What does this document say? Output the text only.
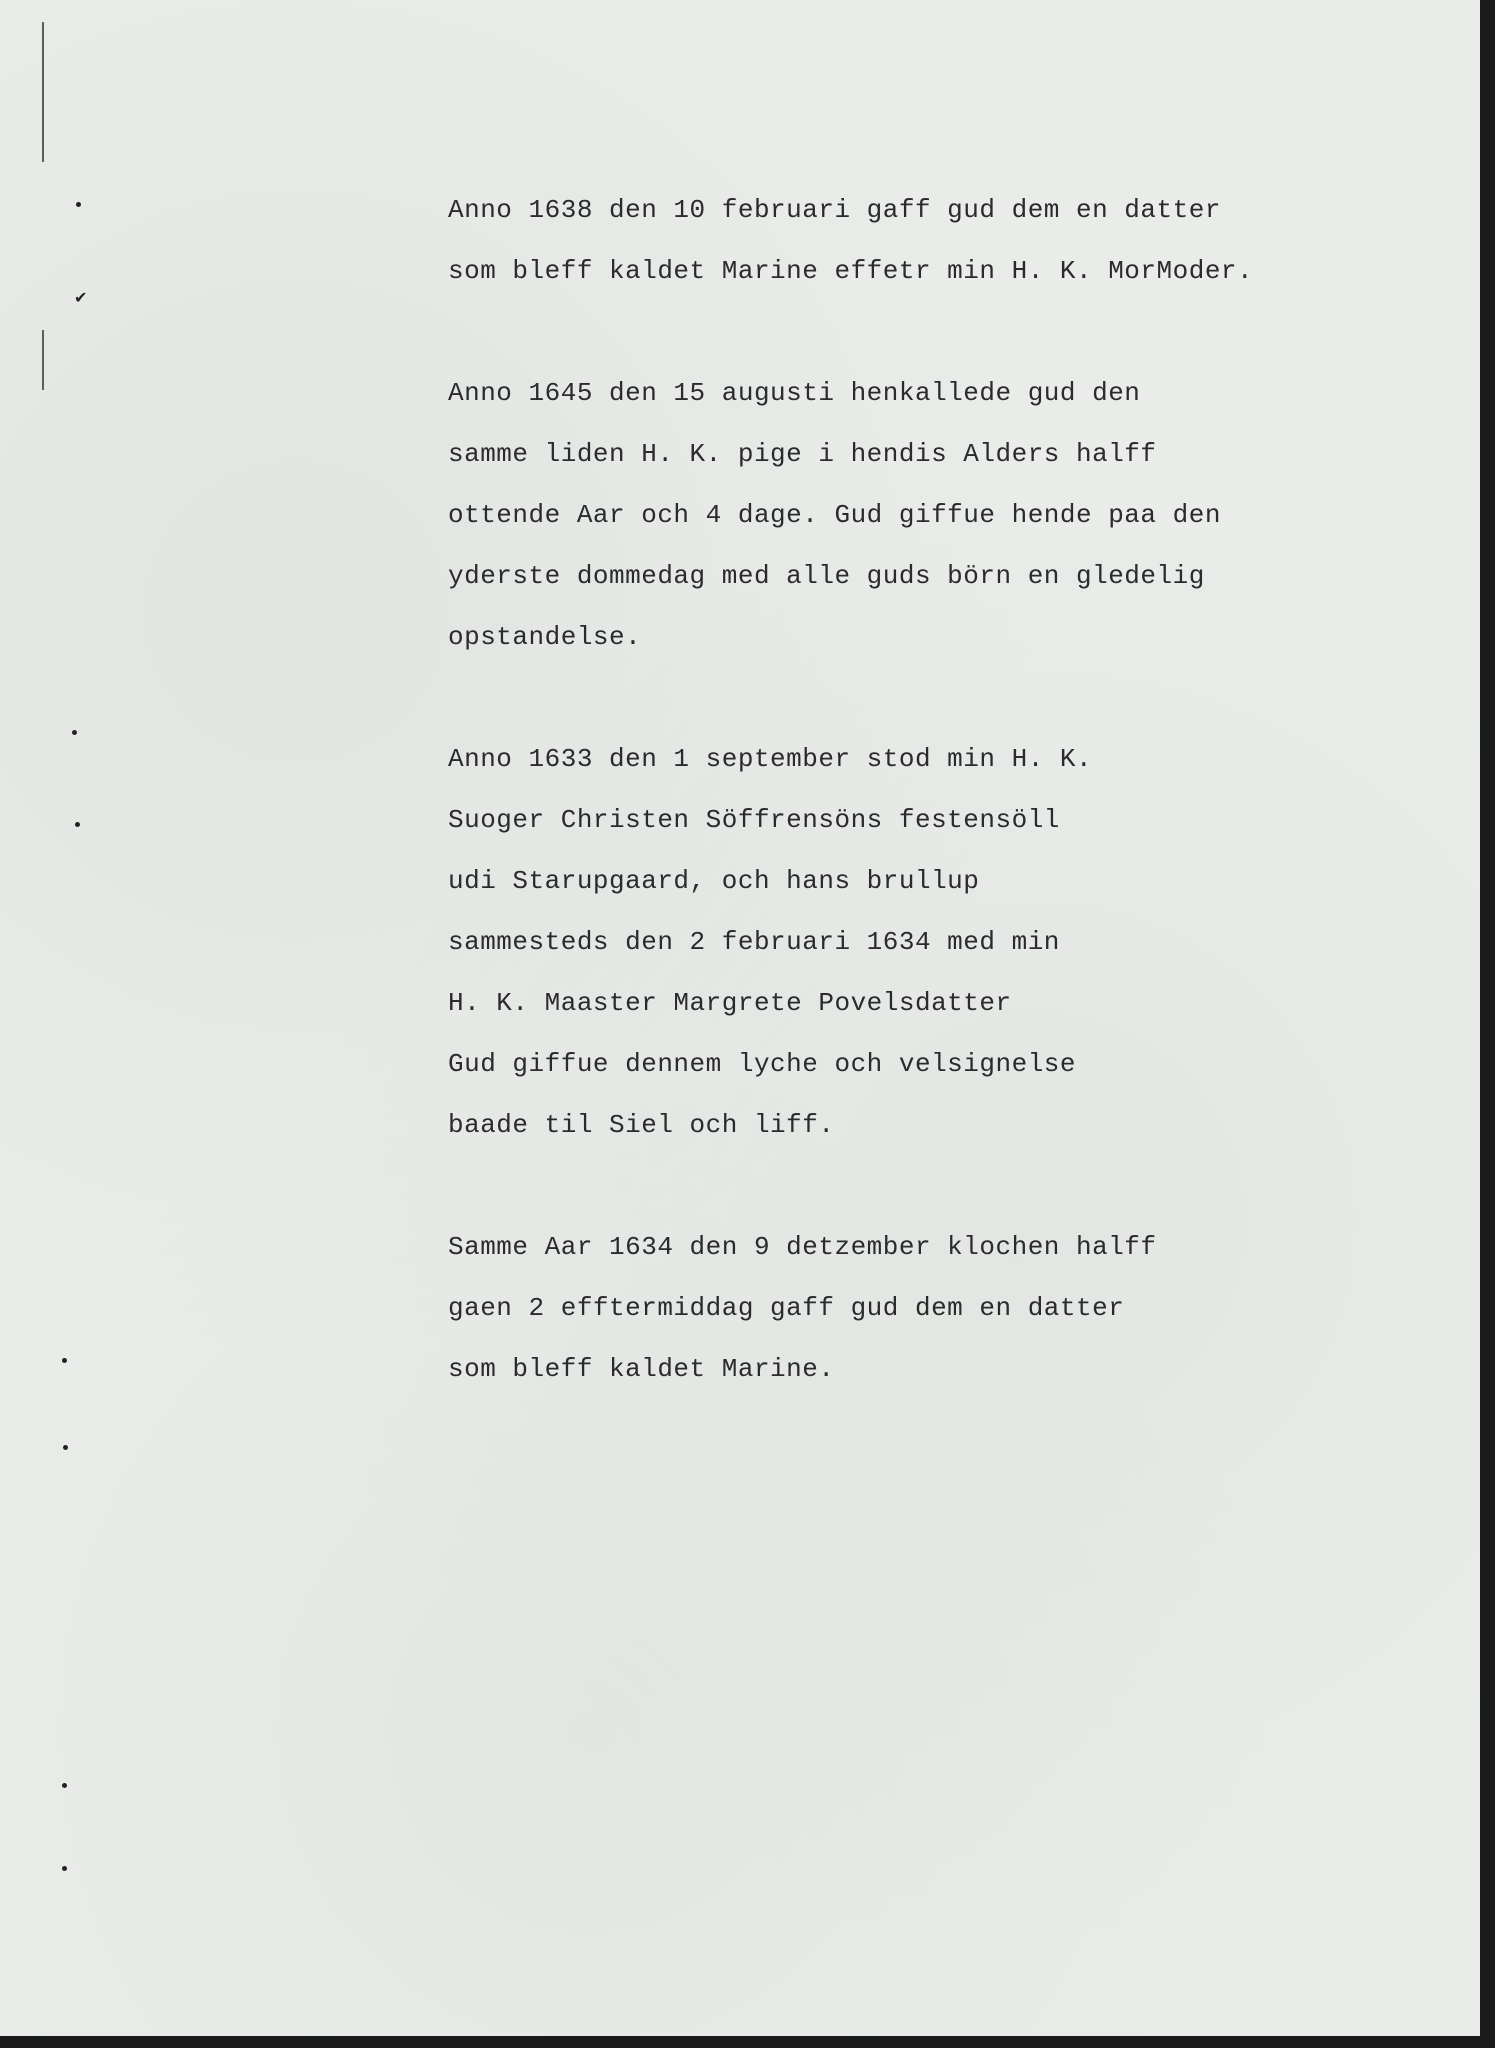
✔
Anno 1638 den 10 februari gaff gud dem en datter
som bleff kaldet Marine effetr min H. K. MorModer.
Anno 1645 den 15 augusti henkallede gud den
samme liden H. K. pige i hendis Alders halff
ottende Aar och 4 dage. Gud giffue hende paa den
yderste dommedag med alle guds börn en gledelig
opstandelse.
Anno 1633 den 1 september stod min H. K.
Suoger Christen Söffrensöns festensöll
udi Starupgaard, och hans brullup
sammesteds den 2 februari 1634 med min
H. K. Maaster Margrete Povelsdatter
Gud giffue dennem lyche och velsignelse
baade til Siel och liff.
Samme Aar 1634 den 9 detzember klochen halff
gaen 2 efftermiddag gaff gud dem en datter
som bleff kaldet Marine.
